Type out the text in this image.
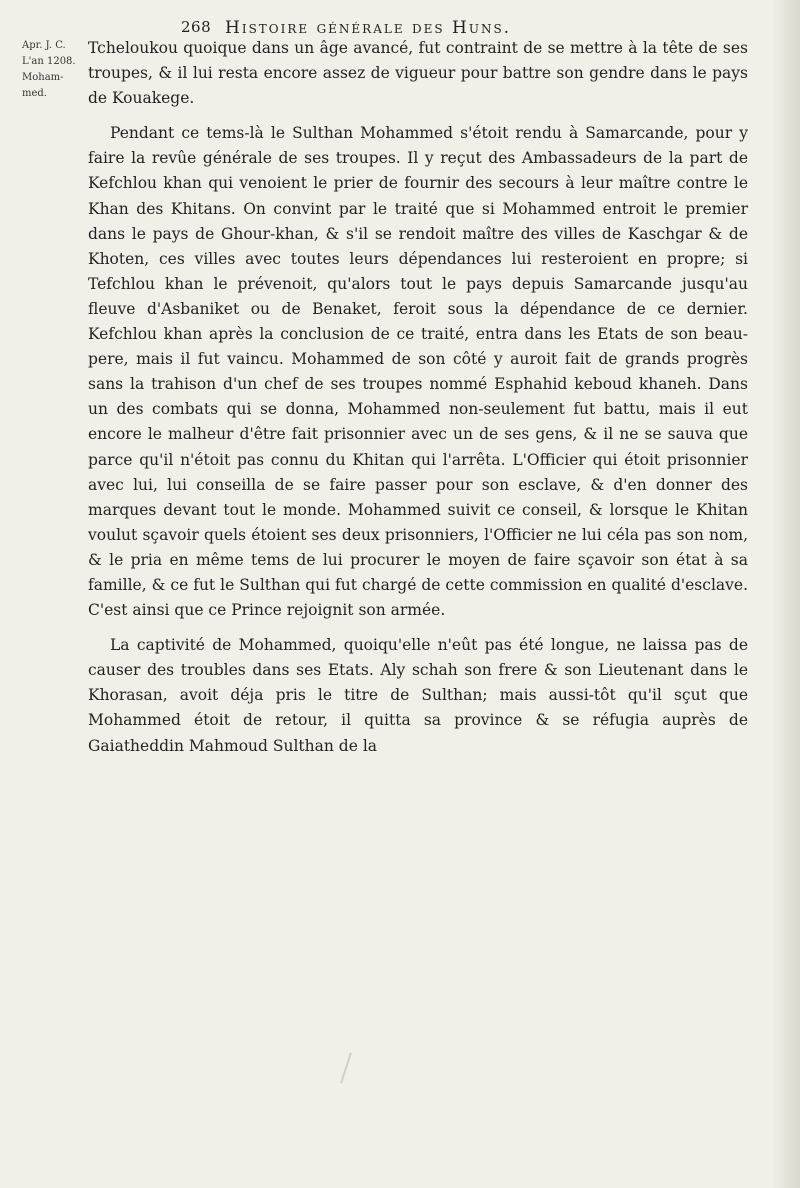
268 Histoire générale des Huns.
Apr. J. C.
L'an 1208.
Moham-
med.

Tcheloukou quoique dans un âge avancé, fut contraint de se mettre à la tête de ses troupes, & il lui resta encore assez de vigueur pour battre son gendre dans le pays de Kouakege.

Pendant ce tems-là le Sulthan Mohammed s'étoit rendu à Samarcande, pour y faire la revûe générale de ses troupes. Il y reçut des Ambassadeurs de la part de Kefchlou khan qui venoient le prier de fournir des secours à leur maître contre le Khan des Khitans. On convint par le traité que si Mohammed entroit le premier dans le pays de Ghour-khan, & s'il se rendoit maître des villes de Kaschgar & de Khoten, ces villes avec toutes leurs dépendances lui resteroient en propre; si Tefchlou khan le prévenoit, qu'alors tout le pays depuis Samarcande jusqu'au fleuve d'Asbaniket ou de Benaket, feroit sous la dépendance de ce dernier. Kefchlou khan après la conclusion de ce traité, entra dans les Etats de son beau-pere, mais il fut vaincu. Mohammed de son côté y auroit fait de grands progrès sans la trahison d'un chef de ses troupes nommé Esphahid keboud khaneh. Dans un des combats qui se donna, Mohammed non-seulement fut battu, mais il eut encore le malheur d'être fait prisonnier avec un de ses gens, & il ne se sauva que parce qu'il n'étoit pas connu du Khitan qui l'arrêta. L'Officier qui étoit prisonnier avec lui, lui conseilla de se faire passer pour son esclave, & d'en donner des marques devant tout le monde. Mohammed suivit ce conseil, & lorsque le Khitan voulut sçavoir quels étoient ses deux prisonniers, l'Officier ne lui céla pas son nom, & le pria en même tems de lui procurer le moyen de faire sçavoir son état à sa famille, & ce fut le Sulthan qui fut chargé de cette commission en qualité d'esclave. C'est ainsi que ce Prince rejoignit son armée.

La captivité de Mohammed, quoiqu'elle n'eût pas été longue, ne laissa pas de causer des troubles dans ses Etats. Aly schah son frere & son Lieutenant dans le Khorasan, avoit déja pris le titre de Sulthan; mais aussi-tôt qu'il sçut que Mohammed étoit de retour, il quitta sa province & se réfugia auprès de Gaiatheddin Mahmoud Sulthan de la
